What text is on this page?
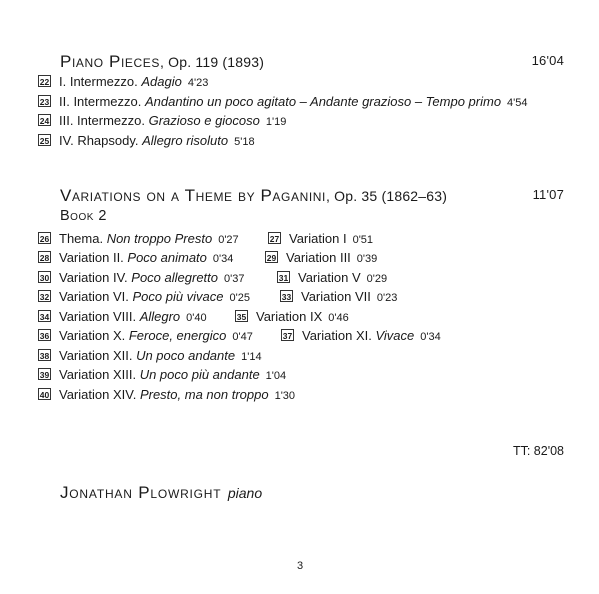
Piano Pieces, Op. 119 (1893)	16'04
22 I. Intermezzo. Adagio 4'23
23 II. Intermezzo. Andantino un poco agitato – Andante grazioso – Tempo primo 4'54
24 III. Intermezzo. Grazioso e giocoso 1'19
25 IV. Rhapsody. Allegro risoluto 5'18
Variations on a Theme by Paganini, Op. 35 (1862–63)	11'07
Book 2
26 Thema. Non troppo Presto 0'27	27 Variation I 0'51
28 Variation II. Poco animato 0'34	29 Variation III 0'39
30 Variation IV. Poco allegretto 0'37	31 Variation V 0'29
32 Variation VI. Poco più vivace 0'25	33 Variation VII 0'23
34 Variation VIII. Allegro 0'40	35 Variation IX 0'46
36 Variation X. Feroce, energico 0'47	37 Variation XI. Vivace 0'34
38 Variation XII. Un poco andante 1'14
39 Variation XIII. Un poco più andante 1'04
40 Variation XIV. Presto, ma non troppo 1'30
TT: 82'08
Jonathan Plowright piano
3
